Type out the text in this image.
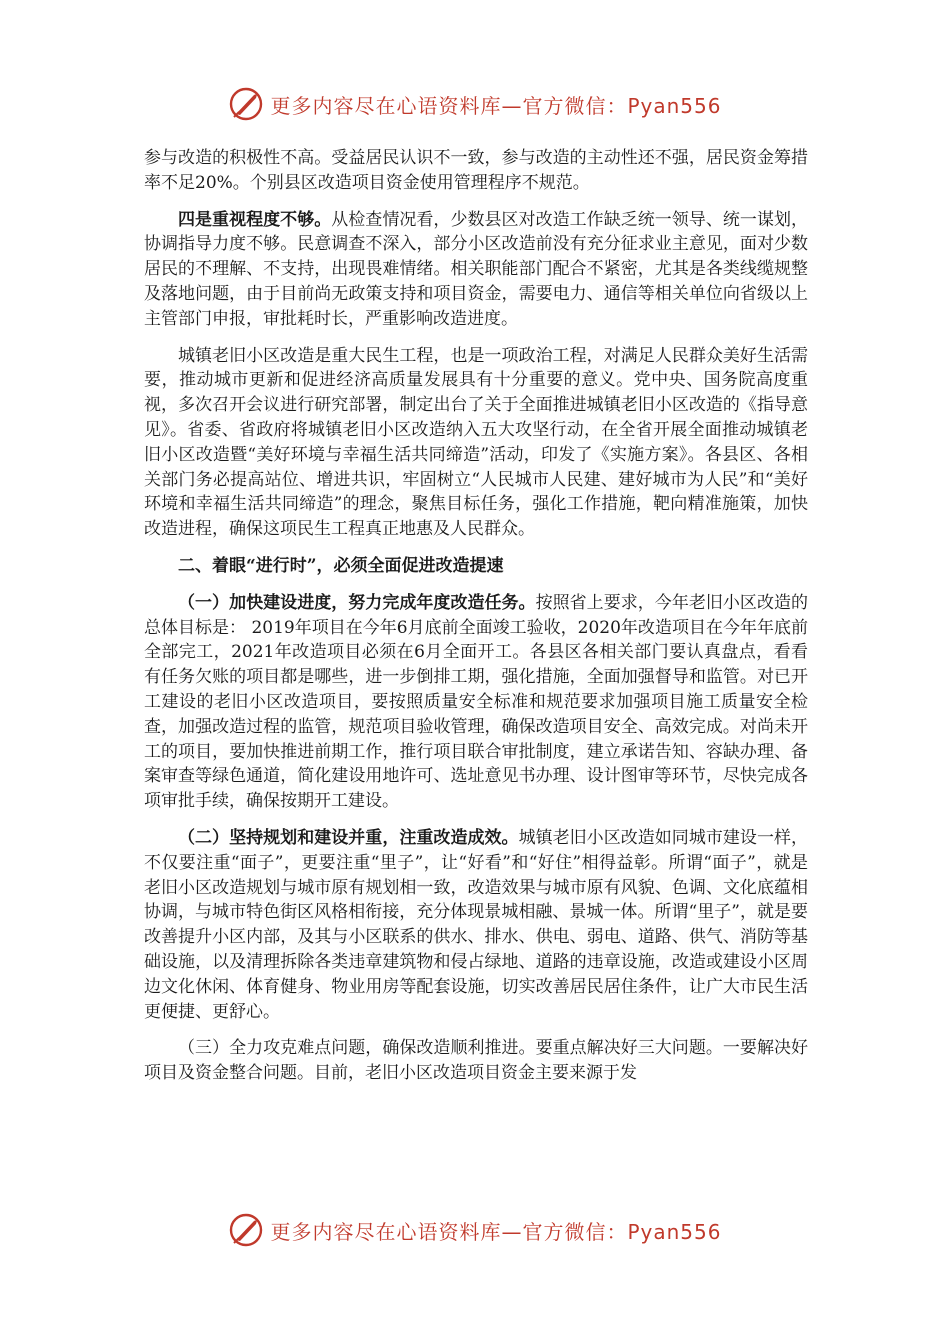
更多内容尽在心语资料库—官方微信：Pyan556

参与改造的积极性不高。受益居民认识不一致，参与改造的主动性还不强，居民资金筹措率不足20%。个别县区改造项目资金使用管理程序不规范。

四是重视程度不够。从检查情况看，少数县区对改造工作缺乏统一领导、统一谋划，协调指导力度不够。民意调查不深入，部分小区改造前没有充分征求业主意见，面对少数居民的不理解、不支持，出现畏难情绪。相关职能部门配合不紧密，尤其是各类线缆规整及落地问题，由于目前尚无政策支持和项目资金，需要电力、通信等相关单位向省级以上主管部门申报，审批耗时长，严重影响改造进度。

城镇老旧小区改造是重大民生工程，也是一项政治工程，对满足人民群众美好生活需要，推动城市更新和促进经济高质量发展具有十分重要的意义。党中央、国务院高度重视，多次召开会议进行研究部署，制定出台了关于全面推进城镇老旧小区改造的《指导意见》。省委、省政府将城镇老旧小区改造纳入五大攻坚行动，在全省开展全面推动城镇老旧小区改造暨“美好环境与幸福生活共同缔造”活动，印发了《实施方案》。各县区、各相关部门务必提高站位、增进共识，牢固树立“人民城市人民建、建好城市为人民”和“美好环境和幸福生活共同缔造”的理念，聚焦目标任务，强化工作措施，靶向精准施策，加快改造进程，确保这项民生工程真正地惠及人民群众。

二、着眼“进行时”，必须全面促进改造提速

（一）加快建设进度，努力完成年度改造任务。按照省上要求，今年老旧小区改造的总体目标是： 2019年项目在今年6月底前全面竣工验收，2020年改造项目在今年年底前全部完工，2021年改造项目必须在6月全面开工。各县区各相关部门要认真盘点，看看有任务欠账的项目都是哪些，进一步倒排工期，强化措施，全面加强督导和监管。对已开工建设的老旧小区改造项目，要按照质量安全标准和规范要求加强项目施工质量安全检查，加强改造过程的监管，规范项目验收管理，确保改造项目安全、高效完成。对尚未开工的项目，要加快推进前期工作，推行项目联合审批制度，建立承诺告知、容缺办理、备案审查等绿色通道，简化建设用地许可、选址意见书办理、设计图审等环节，尽快完成各项审批手续，确保按期开工建设。

（二）坚持规划和建设并重，注重改造成效。城镇老旧小区改造如同城市建设一样，不仅要注重“面子”，更要注重“里子”，让“好看”和“好住”相得益彰。所谓“面子”，就是老旧小区改造规划与城市原有规划相一致，改造效果与城市原有风貌、色调、文化底蕴相协调，与城市特色街区风格相衔接，充分体现景城相融、景城一体。所谓“里子”，就是要改善提升小区内部，及其与小区联系的供水、排水、供电、弱电、道路、供气、消防等基础设施，以及清理拆除各类违章建筑物和侵占绿地、道路的违章设施，改造或建设小区周边文化休闲、体育健身、物业用房等配套设施，切实改善居民居住条件，让广大市民生活更便捷、更舒心。

（三）全力攻克难点问题，确保改造顺利推进。要重点解决好三大问题。一要解决好项目及资金整合问题。目前，老旧小区改造项目资金主要来源于发

更多内容尽在心语资料库—官方微信：Pyan556
